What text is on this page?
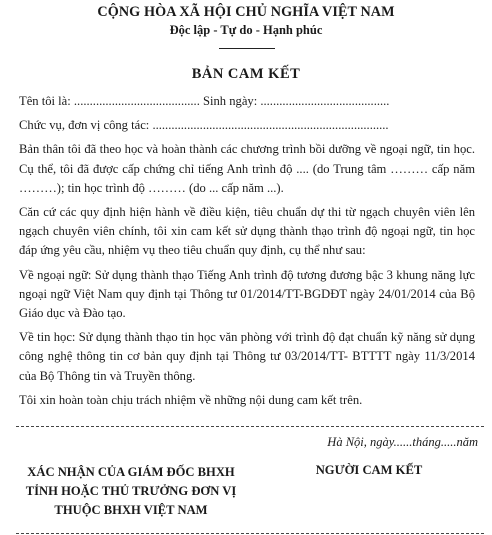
CỘNG HÒA XÃ HỘI CHỦ NGHĨA VIỆT NAM
Độc lập - Tự do - Hạnh phúc
BẢN CAM KẾT

Tên tôi là: ........................................ Sinh ngày: .........................................

Chức vụ, đơn vị công tác: ...........................................................................

Bản thân tôi đã theo học và hoàn thành các chương trình bồi dưỡng về ngoại ngữ, tin học. Cụ thể, tôi đã được cấp chứng chỉ tiếng Anh trình độ .... (do Trung tâm ……… cấp năm ………); tin học trình độ ……… (do ... cấp năm ...).

Căn cứ các quy định hiện hành về điều kiện, tiêu chuẩn dự thi từ ngạch chuyên viên lên ngạch chuyên viên chính, tôi xin cam kết sử dụng thành thạo trình độ ngoại ngữ, tin học đáp ứng yêu cầu, nhiệm vụ theo tiêu chuẩn quy định, cụ thể như sau:

Về ngoại ngữ: Sử dụng thành thạo Tiếng Anh trình độ tương đương bậc 3 khung năng lực ngoại ngữ Việt Nam quy định tại Thông tư 01/2014/TT-BGDĐT ngày 24/01/2014 của Bộ Giáo dục và Đào tạo.

Về tin học: Sử dụng thành thạo tin học văn phòng với trình độ đạt chuẩn kỹ năng sử dụng công nghệ thông tin cơ bản quy định tại Thông tư 03/2014/TT- BTTTT ngày 11/3/2014 của Bộ Thông tin và Truyền thông.

Tôi xin hoàn toàn chịu trách nhiệm về những nội dung cam kết trên.

Hà Nội, ngày......tháng.....năm
XÁC NHẬN CỦA GIÁM ĐỐC BHXH
TỈNH HOẶC THỦ TRƯỞNG ĐƠN VỊ
THUỘC BHXH VIỆT NAM
NGƯỜI CAM KẾT
